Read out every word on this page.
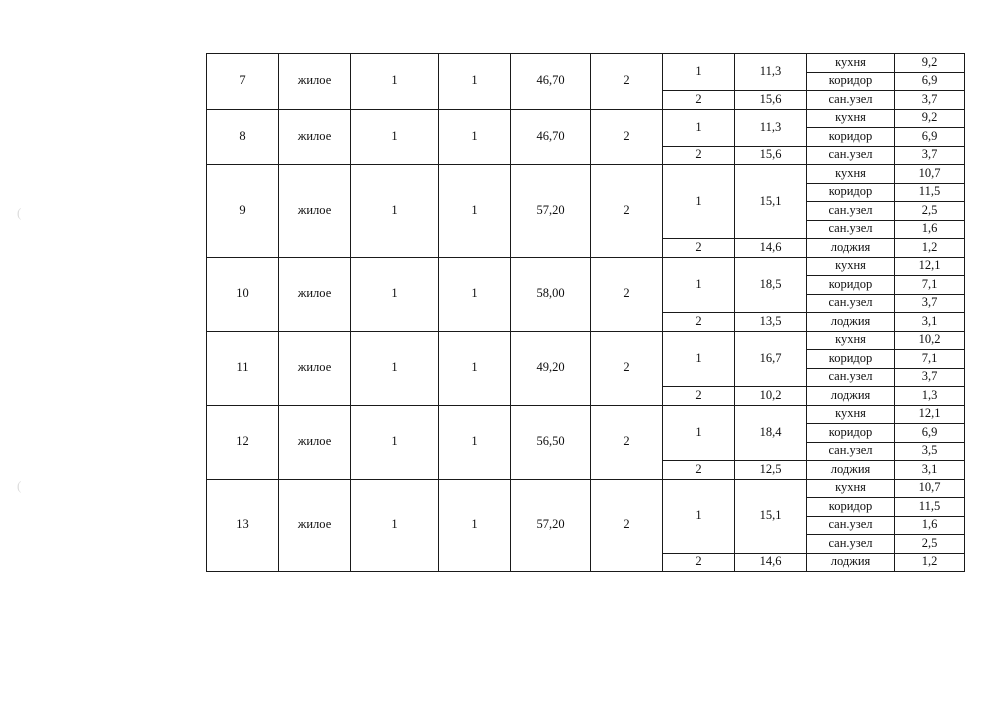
(
(
7	жилое	1	1	46,70	2	1	11,3	кухня	9,2
								коридор	6,9
						2	15,6	сан.узел	3,7
8	жилое	1	1	46,70	2	1	11,3	кухня	9,2
								коридор	6,9
						2	15,6	сан.узел	3,7
9	жилое	1	1	57,20	2	1	15,1	кухня	10,7
								коридор	11,5
								сан.узел	2,5
								сан.узел	1,6
						2	14,6	лоджия	1,2
10	жилое	1	1	58,00	2	1	18,5	кухня	12,1
								коридор	7,1
								сан.узел	3,7
						2	13,5	лоджия	3,1
11	жилое	1	1	49,20	2	1	16,7	кухня	10,2
								коридор	7,1
								сан.узел	3,7
						2	10,2	лоджия	1,3
12	жилое	1	1	56,50	2	1	18,4	кухня	12,1
								коридор	6,9
								сан.узел	3,5
						2	12,5	лоджия	3,1
13	жилое	1	1	57,20	2	1	15,1	кухня	10,7
								коридор	11,5
								сан.узел	1,6
								сан.узел	2,5
						2	14,6	лоджия	1,2
